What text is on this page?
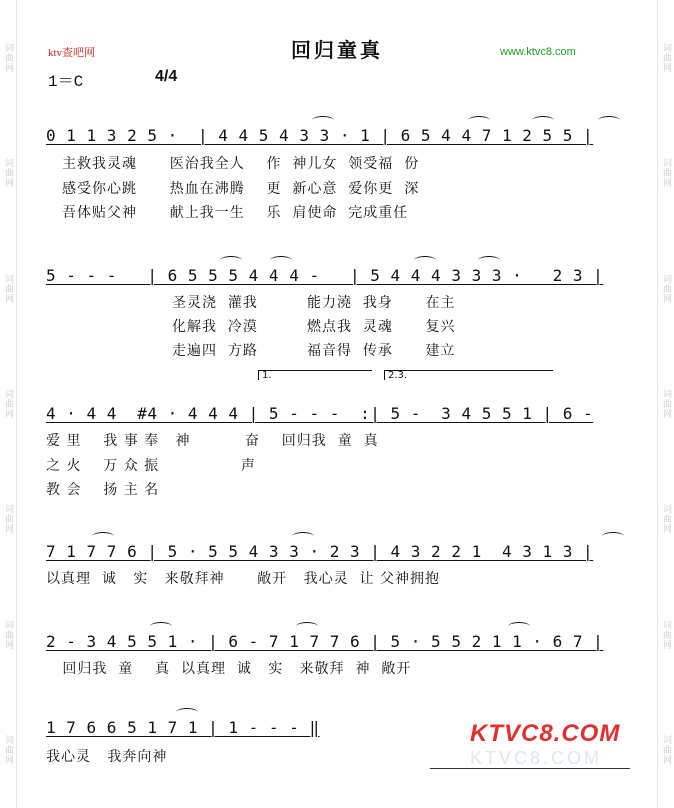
词曲网
词曲网
词曲网
词曲网
词曲网
词曲网
词曲网
词曲网
词曲网
词曲网
词曲网
词曲网
词曲网
词曲网
ktv查吧网	回归童真	www.ktvc8.com
1＝C	4/4
0 1 1 3 2 5 ·  | 4 4 5 4 3 3 · 1 | 6 5 4 4 7 1 2 5 5 |
主救我灵魂      医治我全人    作  神儿女  领受福  份
感受你心跳      热血在沸腾    更  新心意  爱你更  深
吾体贴父神      献上我一生    乐  肩使命  完成重任
5 - - -   | 6 5 5 5 4 4 4 -   | 5 4 4 4 3 3 3 ·   2 3 |
圣灵浇  灌我         能力澆  我身      在主
化解我  冷漠         燃点我  灵魂      复兴
走遍四  方路         福音得  传承      建立
1.	2.3.
4 · 4 4  #4 · 4 4 4 | 5 - - -  :| 5 -  3 4 5 5 1 | 6 -
爱 里    我 事 奉   神          奋    回归我  童  真
之 火    万 众 振               声
教 会    扬 主 名
7 1 7 7 6 | 5 · 5 5 4 3 3 · 2 3 | 4 3 2 2 1  4 3 1 3 |
以真理  诚   实   来敬拜神      敞开   我心灵  让 父神拥抱
2 - 3 4 5 5 1 · | 6 - 7 1 7 7 6 | 5 · 5 5 2 1 1 · 6 7 |
回归我  童    真  以真理  诚   实   来敬拜  神  敞开
1 7 6 6 5 1 7 1 | 1 - - - ‖
我心灵   我奔向神
KTVC8.COM
KTVC8.COM
